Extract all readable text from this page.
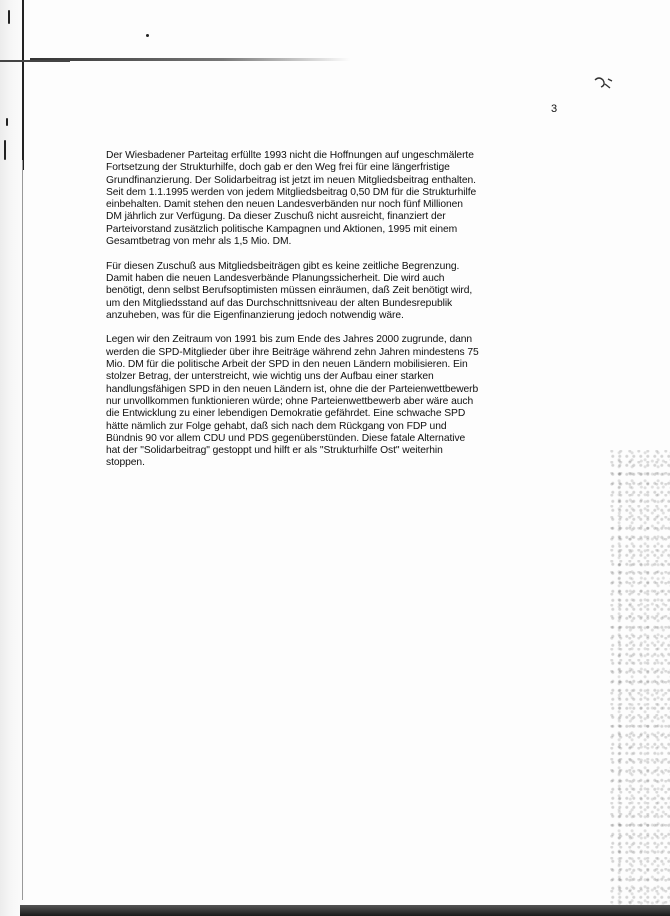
3
Der Wiesbadener Parteitag erfüllte 1993 nicht die Hoffnungen auf ungeschmälerte
Fortsetzung der Strukturhilfe, doch gab er den Weg frei für eine längerfristige
Grundfinanzierung. Der Solidarbeitrag ist jetzt im neuen Mitgliedsbeitrag enthalten.
Seit dem 1.1.1995 werden von jedem Mitgliedsbeitrag 0,50 DM für die Strukturhilfe
einbehalten. Damit stehen den neuen Landesverbänden nur noch fünf Millionen
DM jährlich zur Verfügung. Da dieser Zuschuß nicht ausreicht, finanziert der
Parteivorstand zusätzlich politische Kampagnen und Aktionen, 1995 mit einem
Gesamtbetrag von mehr als 1,5 Mio. DM.
Für diesen Zuschuß aus Mitgliedsbeiträgen gibt es keine zeitliche Begrenzung.
Damit haben die neuen Landesverbände Planungssicherheit. Die wird auch
benötigt, denn selbst Berufsoptimisten müssen einräumen, daß Zeit benötigt wird,
um den Mitgliedsstand auf das Durchschnittsniveau der alten Bundesrepublik
anzuheben, was für die Eigenfinanzierung jedoch notwendig wäre.
Legen wir den Zeitraum von 1991 bis zum Ende des Jahres 2000 zugrunde, dann
werden die SPD-Mitglieder über ihre Beiträge während zehn Jahren mindestens 75
Mio. DM für die politische Arbeit der SPD in den neuen Ländern mobilisieren. Ein
stolzer Betrag, der unterstreicht, wie wichtig uns der Aufbau einer starken
handlungsfähigen SPD in den neuen Ländern ist, ohne die der Parteienwettbewerb
nur unvollkommen funktionieren würde; ohne Parteienwettbewerb aber wäre auch
die Entwicklung zu einer lebendigen Demokratie gefährdet. Eine schwache SPD
hätte nämlich zur Folge gehabt, daß sich nach dem Rückgang von FDP und
Bündnis 90 vor allem CDU und PDS gegenüberstünden. Diese fatale Alternative
hat der "Solidarbeitrag" gestoppt und hilft er als "Strukturhilfe Ost" weiterhin
stoppen.
